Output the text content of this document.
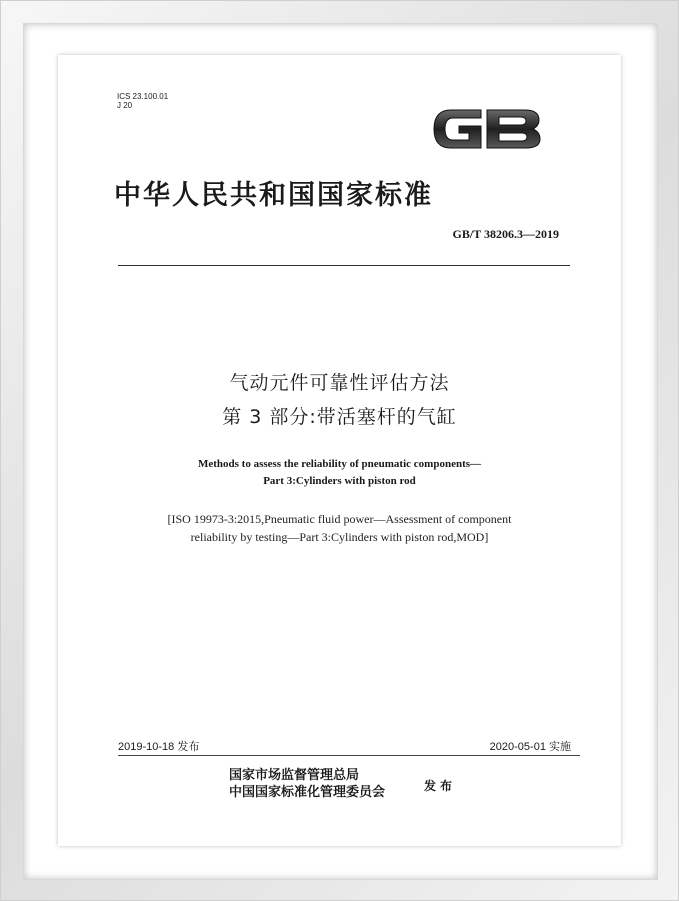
ICS 23.100.01
J 20
中华人民共和国国家标准
GB/T 38206.3—2019
气动元件可靠性评估方法
第 3 部分:带活塞杆的气缸
Methods to assess the reliability of pneumatic components—
Part 3:Cylinders with piston rod
[ISO 19973-3:2015,Pneumatic fluid power—Assessment of component
reliability by testing—Part 3:Cylinders with piston rod,MOD]
2019-10-18 发布	2020-05-01 实施
国家市场监督管理总局
中国国家标准化管理委员会	发布
